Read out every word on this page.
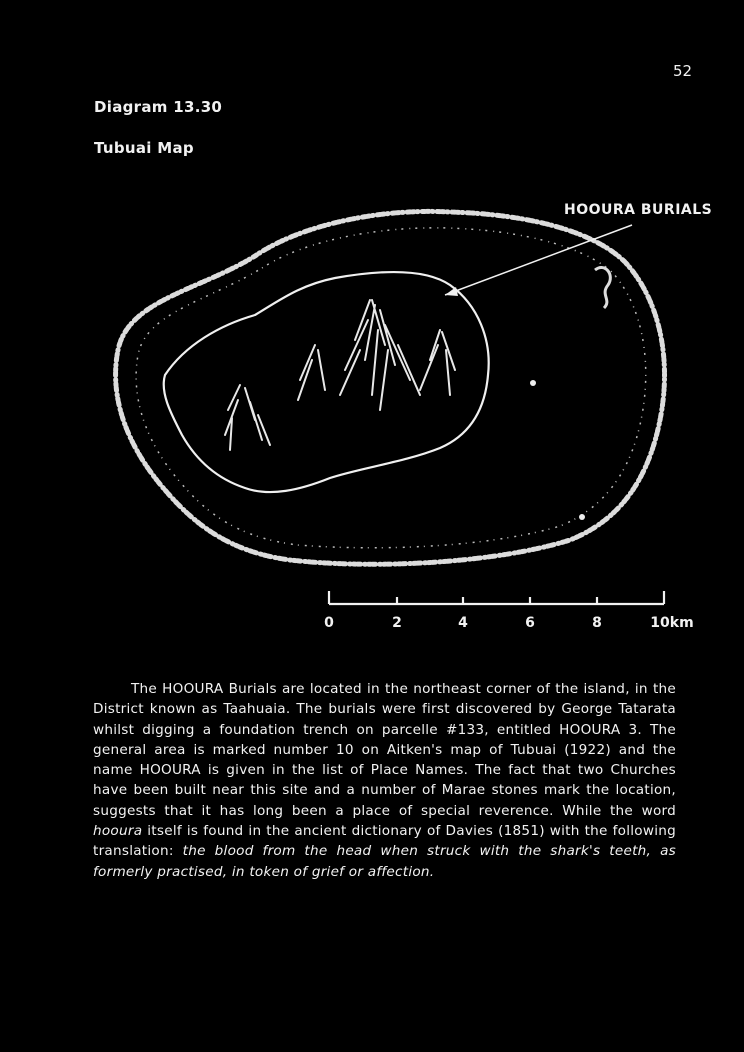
52
Diagram 13.30
Tubuai Map
HOOURA BURIALS
0	2	4	6	8	10km

The HOOURA Burials are located in the northeast corner of the island, in the District known as Taahuaia. The burials were first discovered by George Tatarata whilst digging a foundation trench on parcelle #133, entitled HOOURA 3. The general area is marked number 10 on Aitken's map of Tubuai (1922) and the name HOOURA is given in the list of Place Names. The fact that two Churches have been built near this site and a number of Marae stones mark the location, suggests that it has long been a place of special reverence. While the word hooura itself is found in the ancient dictionary of Davies (1851) with the following translation: the blood from the head when struck with the shark's teeth, as formerly practised, in token of grief or affection.
